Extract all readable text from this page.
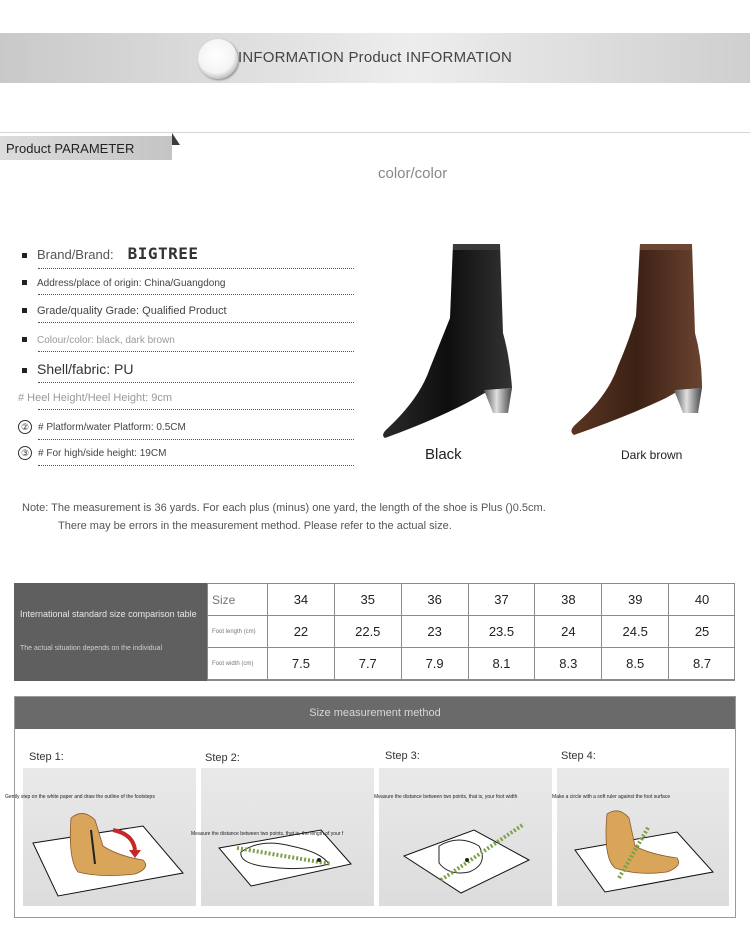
INFORMATION Product INFORMATION
Product PARAMETER
color/color
Brand/Brand: BIGTREE
Address/place of origin: China/Guangdong
Grade/quality Grade: Qualified Product
Colour/color: black, dark brown
Shell/fabric: PU
# Heel Height/Heel Height: 9cm
② # Platform/water Platform: 0.5CM
③ # For high/side height: 19CM	Black	Dark brown
Note: The measurement is 36 yards. For each plus (minus) one yard, the length of the shoe is Plus ()0.5cm.
There may be errors in the measurement method. Please refer to the actual size.
International standard size comparison table
The actual situation depends on the individual
Size	34	35	36	37	38	39	40
Foot length (cm)	22	22.5	23	23.5	24	24.5	25
Foot width (cm)	7.5	7.7	7.9	8.1	8.3	8.5	8.7
Size measurement method
Step 1:	Step 2:	Step 3:	Step 4:
Gently step on the white paper and draw the outline of the footsteps
Measure the distance between two points, that is, the length of your f
Measure the distance between two points, that is, your foot width	Make a circle with a soft ruler against the foot surface
